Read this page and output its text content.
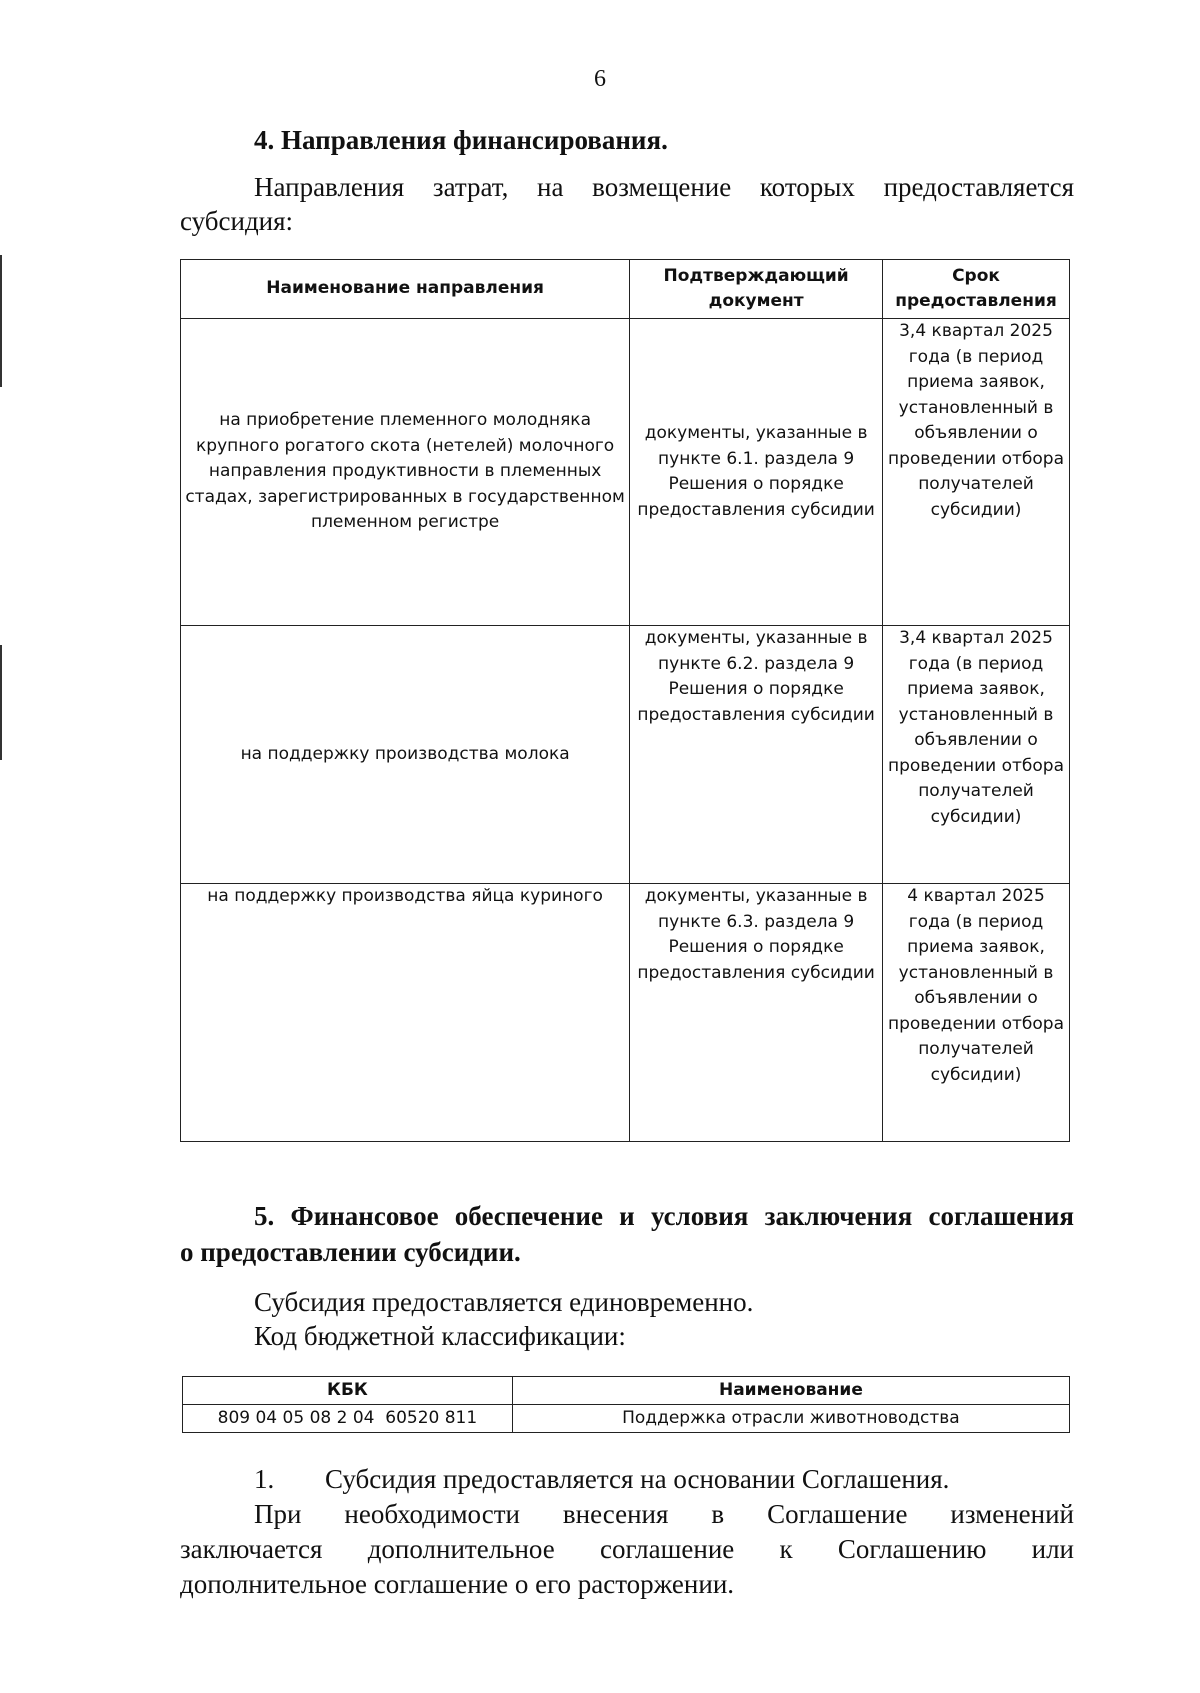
6
4. Направления финансирования.
Направления затрат, на возмещение которых предоставляется
субсидия:
Наименование направления	Подтверждающий документ	Срок предоставления
на приобретение племенного молодняка крупного рогатого скота (нетелей) молочного направления продуктивности в племенных стадах, зарегистрированных в государственном племенном регистре	документы, указанные в пункте 6.1. раздела 9 Решения о порядке предоставления субсидии	3,4 квартал 2025 года (в период приема заявок, установленный в объявлении о проведении отбора получателей субсидии)
на поддержку производства молока	документы, указанные в пункте 6.2. раздела 9 Решения о порядке предоставления субсидии	3,4 квартал 2025 года (в период приема заявок, установленный в объявлении о проведении отбора получателей субсидии)
на поддержку производства яйца куриного	документы, указанные в пункте 6.3. раздела 9 Решения о порядке предоставления субсидии	4 квартал 2025 года (в период приема заявок, установленный в объявлении о проведении отбора получателей субсидии)
5. Финансовое обеспечение и условия заключения соглашения
о предоставлении субсидии.
Субсидия предоставляется единовременно.
Код бюджетной классификации:
КБК	Наименование
809 04 05 08 2 04  60520 811	Поддержка отрасли животноводства
1. Субсидия предоставляется на основании Соглашения.
При необходимости внесения в Соглашение изменений
заключается дополнительное соглашение к Соглашению или
дополнительное соглашение о его расторжении.
